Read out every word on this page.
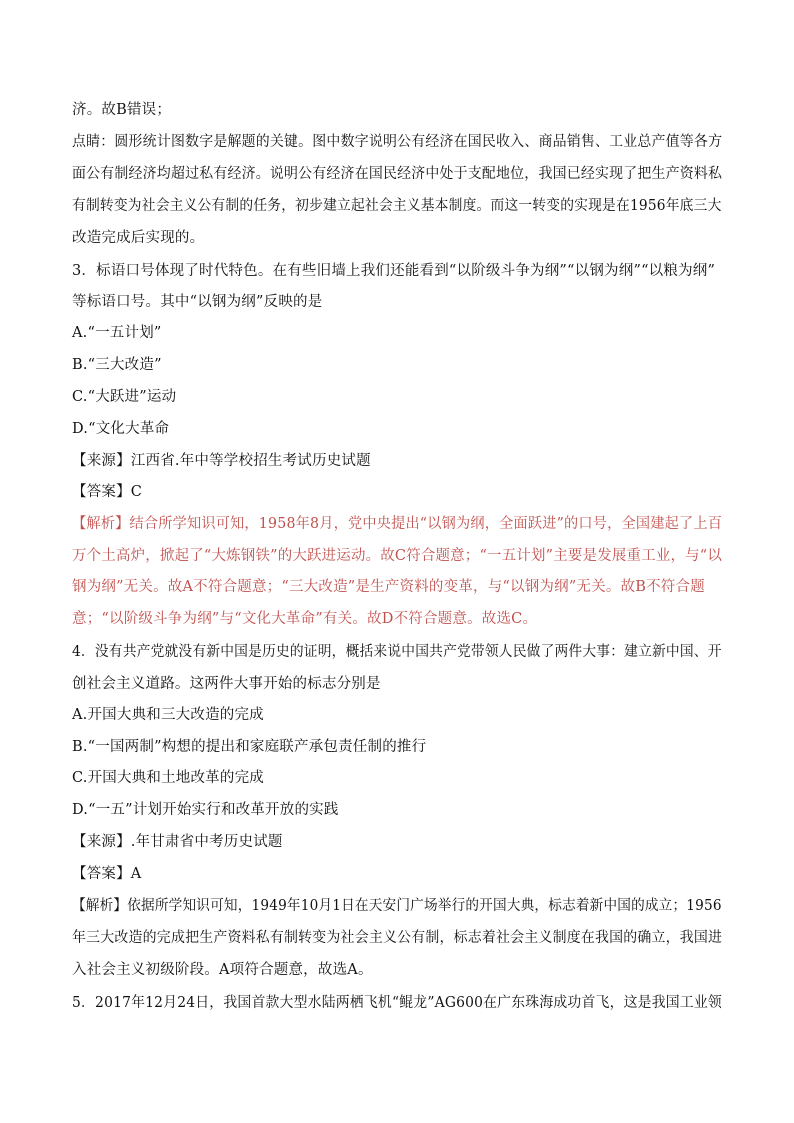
济。故B错误；
点睛：圆形统计图数字是解题的关键。图中数字说明公有经济在国民收入、商品销售、工业总产值等各方
面公有制经济均超过私有经济。说明公有经济在国民经济中处于支配地位，我国已经实现了把生产资料私
有制转变为社会主义公有制的任务，初步建立起社会主义基本制度。而这一转变的实现是在1956年底三大
改造完成后实现的。
3．标语口号体现了时代特色。在有些旧墙上我们还能看到“以阶级斗争为纲”“以钢为纲”“以粮为纲”
等标语口号。其中“以钢为纲”反映的是
A.“一五计划”
B.“三大改造”
C.“大跃进”运动
D.“文化大革命
【来源】江西省.年中等学校招生考试历史试题
【答案】C
【解析】结合所学知识可知，1958年8月，党中央提出“以钢为纲，全面跃进”的口号，全国建起了上百
万个土高炉，掀起了“大炼钢铁”的大跃进运动。故C符合题意；“一五计划”主要是发展重工业，与“以
钢为纲”无关。故A不符合题意；“三大改造”是生产资料的变革，与“以钢为纲”无关。故B不符合题
意；“以阶级斗争为纲”与“文化大革命”有关。故D不符合题意。故选C。
4．没有共产党就没有新中国是历史的证明，概括来说中国共产党带领人民做了两件大事：建立新中国、开
创社会主义道路。这两件大事开始的标志分别是
A.开国大典和三大改造的完成
B.“一国两制”构想的提出和家庭联产承包责任制的推行
C.开国大典和土地改革的完成
D.“一五”计划开始实行和改革开放的实践
【来源】.年甘肃省中考历史试题
【答案】A
【解析】依据所学知识可知，1949年10月1日在天安门广场举行的开国大典，标志着新中国的成立；1956
年三大改造的完成把生产资料私有制转变为社会主义公有制，标志着社会主义制度在我国的确立，我国进
入社会主义初级阶段。A项符合题意，故选A。
5．2017年12月24日，我国首款大型水陆两栖飞机“鲲龙”AG600在广东珠海成功首飞，这是我国工业领
